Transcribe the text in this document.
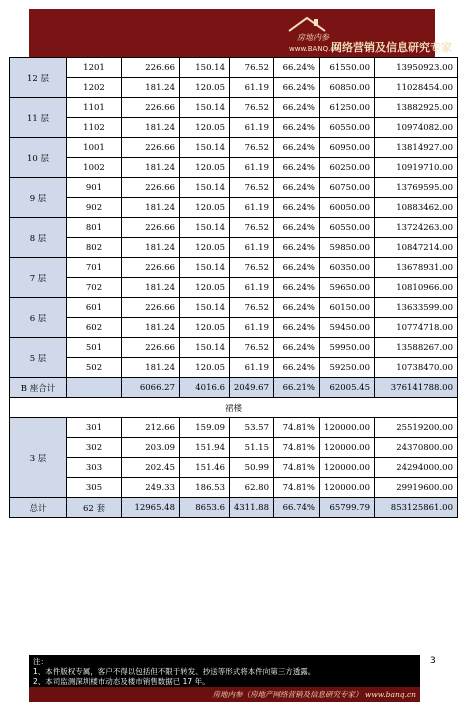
房地内参
www.BANQ.cn
网络营销及信息研究专家
12 层	1201	226.66	150.14	76.52	66.24%	61550.00	13950923.00
	1202	181.24	120.05	61.19	66.24%	60850.00	11028454.00
11 层	1101	226.66	150.14	76.52	66.24%	61250.00	13882925.00
	1102	181.24	120.05	61.19	66.24%	60550.00	10974082.00
10 层	1001	226.66	150.14	76.52	66.24%	60950.00	13814927.00
	1002	181.24	120.05	61.19	66.24%	60250.00	10919710.00
9 层	901	226.66	150.14	76.52	66.24%	60750.00	13769595.00
	902	181.24	120.05	61.19	66.24%	60050.00	10883462.00
8 层	801	226.66	150.14	76.52	66.24%	60550.00	13724263.00
	802	181.24	120.05	61.19	66.24%	59850.00	10847214.00
7 层	701	226.66	150.14	76.52	66.24%	60350.00	13678931.00
	702	181.24	120.05	61.19	66.24%	59650.00	10810966.00
6 层	601	226.66	150.14	76.52	66.24%	60150.00	13633599.00
	602	181.24	120.05	61.19	66.24%	59450.00	10774718.00
5 层	501	226.66	150.14	76.52	66.24%	59950.00	13588267.00
	502	181.24	120.05	61.19	66.24%	59250.00	10738470.00
B 座合计		6066.27	4016.6	2049.67	66.21%	62005.45	376141788.00
裙楼							
3 层	301	212.66	159.09	53.57	74.81%	120000.00	25519200.00
	302	203.09	151.94	51.15	74.81%	120000.00	24370800.00
	303	202.45	151.46	50.99	74.81%	120000.00	24294000.00
	305	249.33	186.53	62.80	74.81%	120000.00	29919600.00
总计	62 套	12965.48	8653.6	4311.88	66.74%	65799.79	853125861.00
注：
1、本件版权专属，客户不得以包括但不限于转发、抄送等形式将本件向第三方透露。
2、本司监测深圳楼市动态及楼市销售数据已 17 年。
房地内参（房地产网络营销及信息研究专家） www.banq.cn
3
